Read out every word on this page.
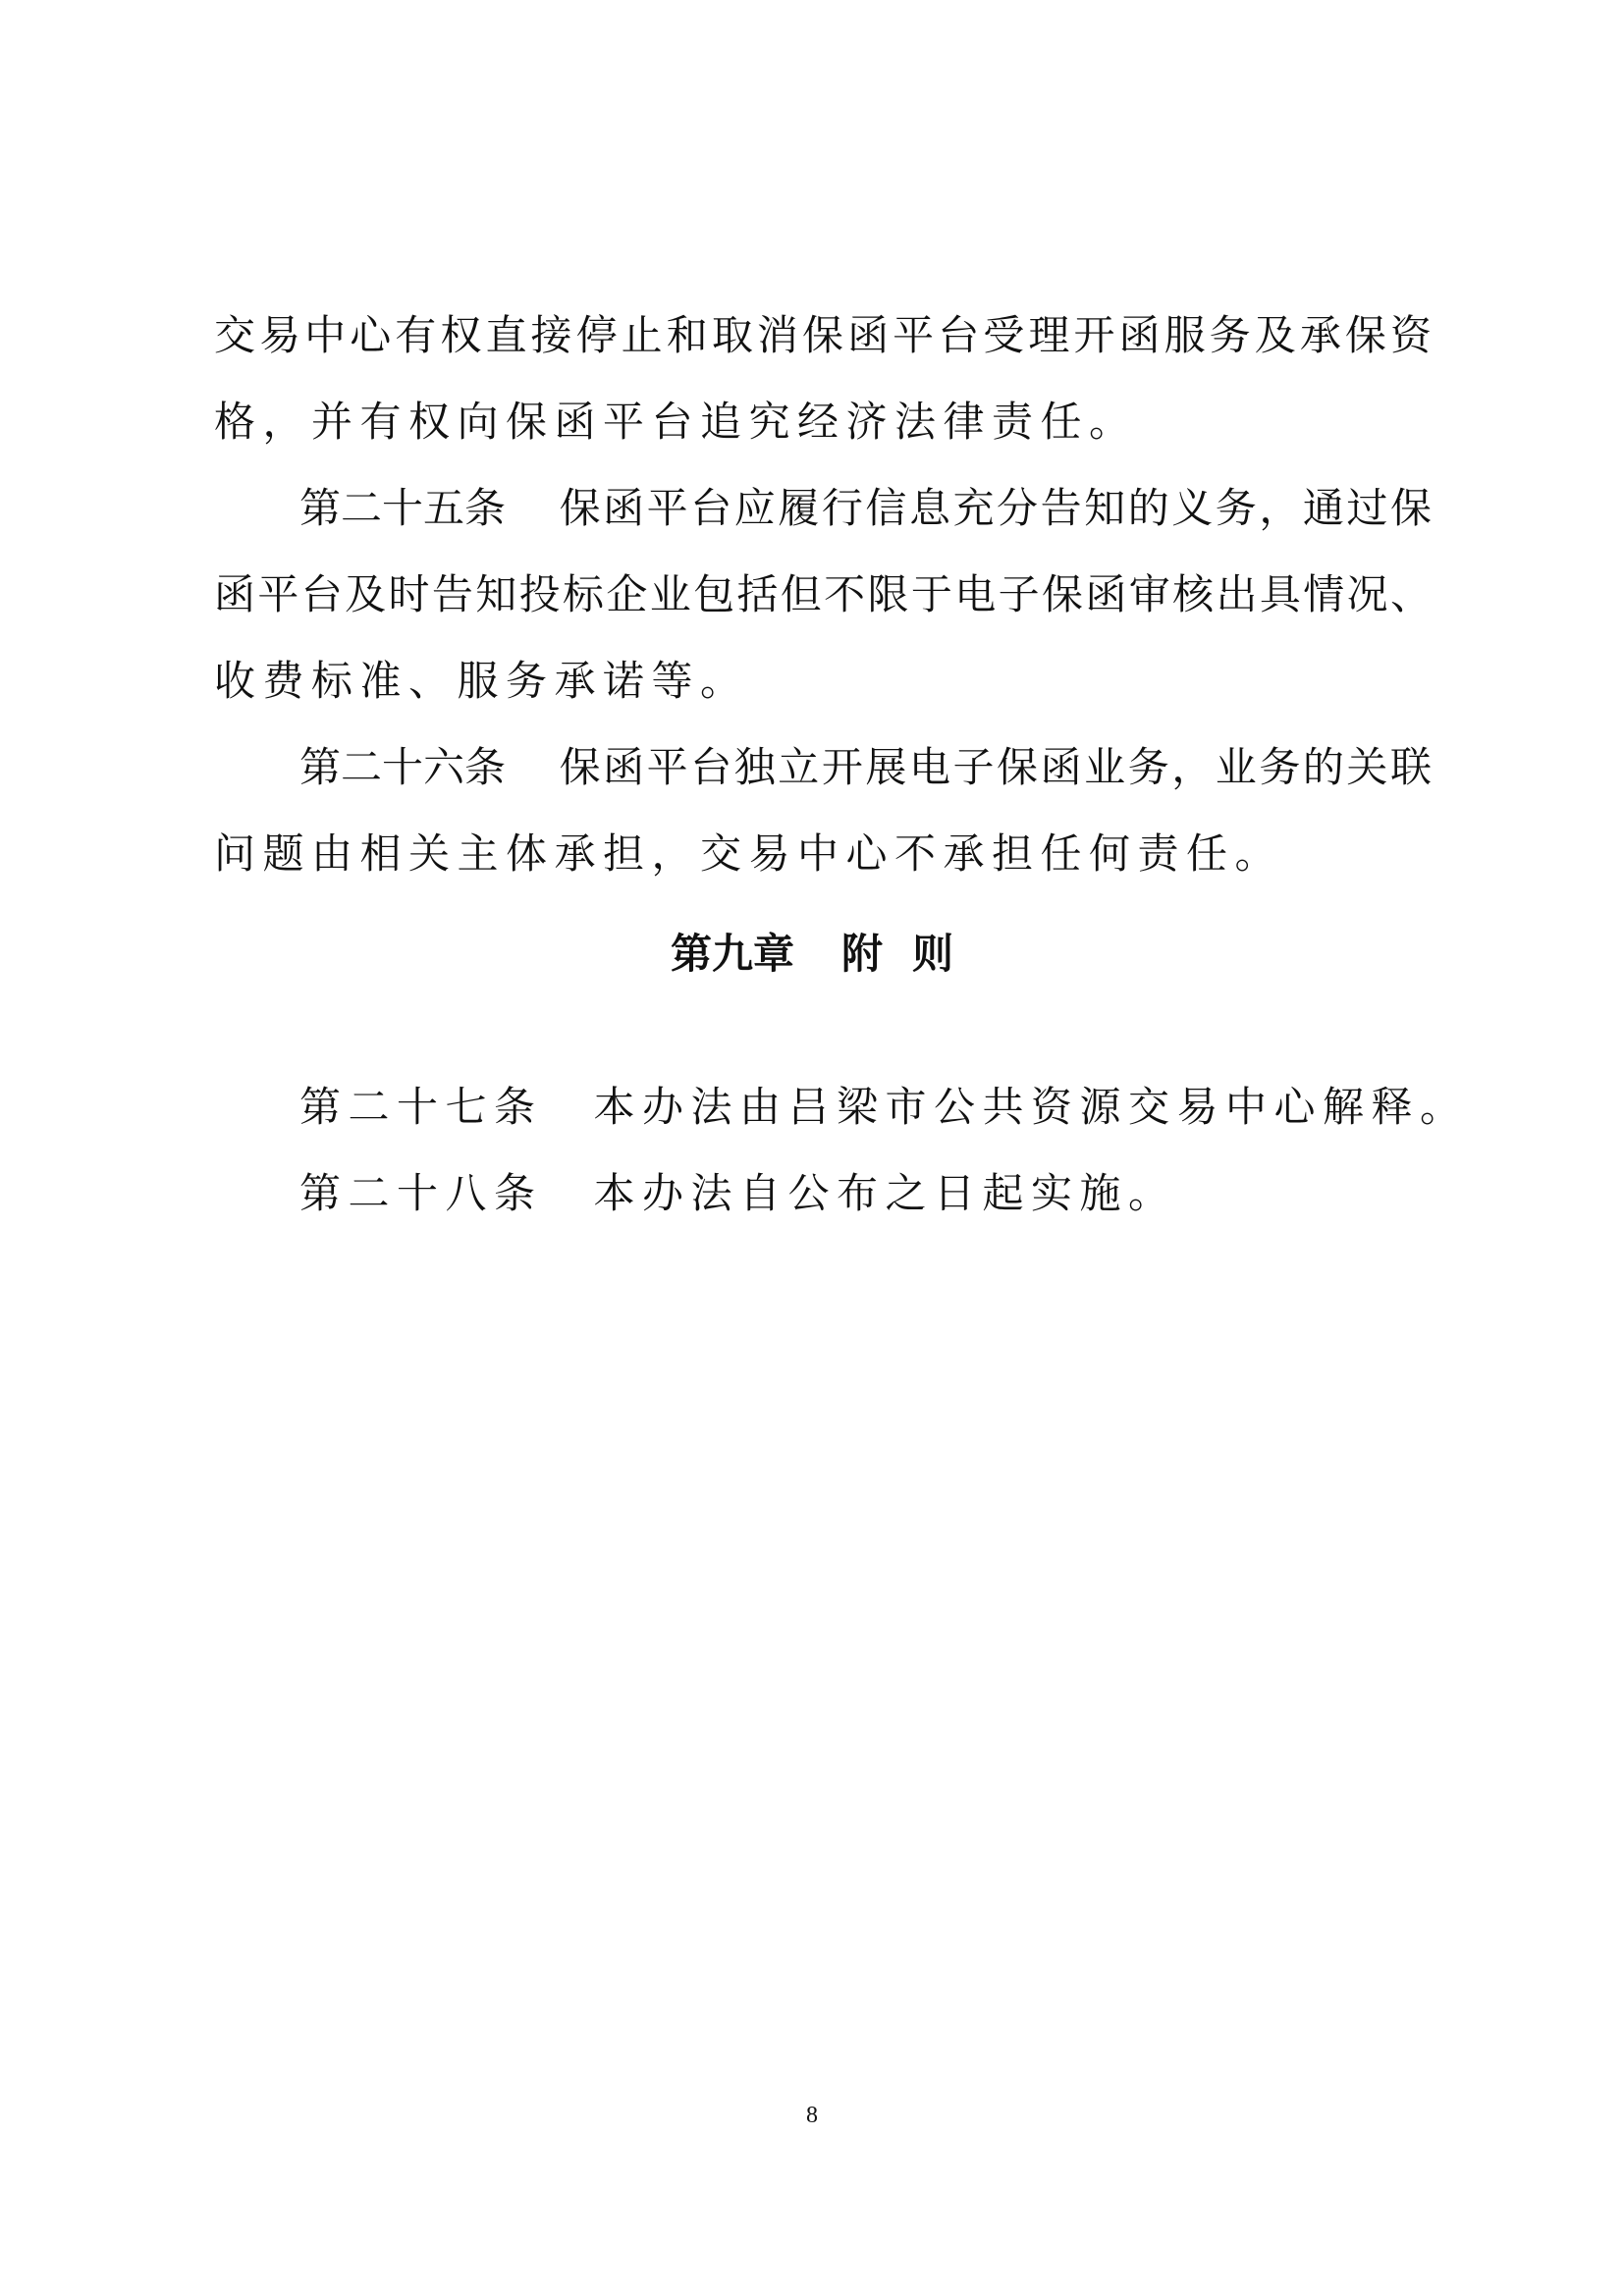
交易中心有权直接停止和取消保函平台受理开函服务及承保资
格，并有权向保函平台追究经济法律责任。
第二十五条 保函平台应履行信息充分告知的义务，通过保
函平台及时告知投标企业包括但不限于电子保函审核出具情况、
收费标准、服务承诺等。
第二十六条 保函平台独立开展电子保函业务，业务的关联
问题由相关主体承担，交易中心不承担任何责任。
第九章 附 则
第二十七条 本办法由吕梁市公共资源交易中心解释。
第二十八条 本办法自公布之日起实施。
8
